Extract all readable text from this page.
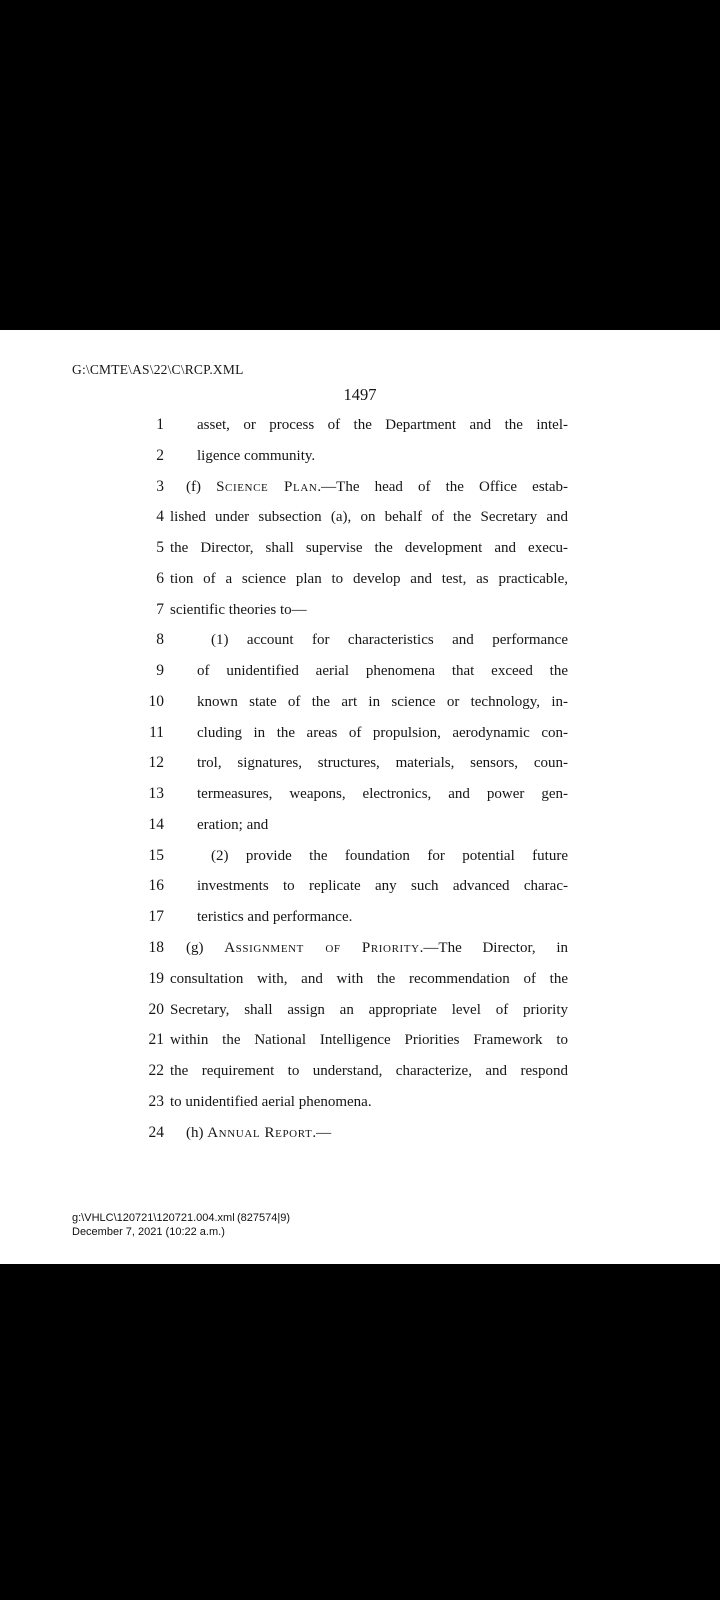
G:\CMTE\AS\22\C\RCP.XML
1497
1 asset, or process of the Department and the intel-
2 ligence community.
3	(f) Science Plan.—The head of the Office estab-
4 lished under subsection (a), on behalf of the Secretary and
5 the Director, shall supervise the development and execu-
6 tion of a science plan to develop and test, as practicable,
7 scientific theories to—
8	(1) account for characteristics and performance
9 of unidentified aerial phenomena that exceed the
10 known state of the art in science or technology, in-
11 cluding in the areas of propulsion, aerodynamic con-
12 trol, signatures, structures, materials, sensors, coun-
13 termeasures, weapons, electronics, and power gen-
14 eration; and
15	(2) provide the foundation for potential future
16 investments to replicate any such advanced charac-
17 teristics and performance.
18	(g) Assignment of Priority.—The Director, in
19 consultation with, and with the recommendation of the
20 Secretary, shall assign an appropriate level of priority
21 within the National Intelligence Priorities Framework to
22 the requirement to understand, characterize, and respond
23 to unidentified aerial phenomena.
24	(h) Annual Report.—
g:\VHLC\120721\120721.004.xml (827574|9)
December 7, 2021 (10:22 a.m.)
